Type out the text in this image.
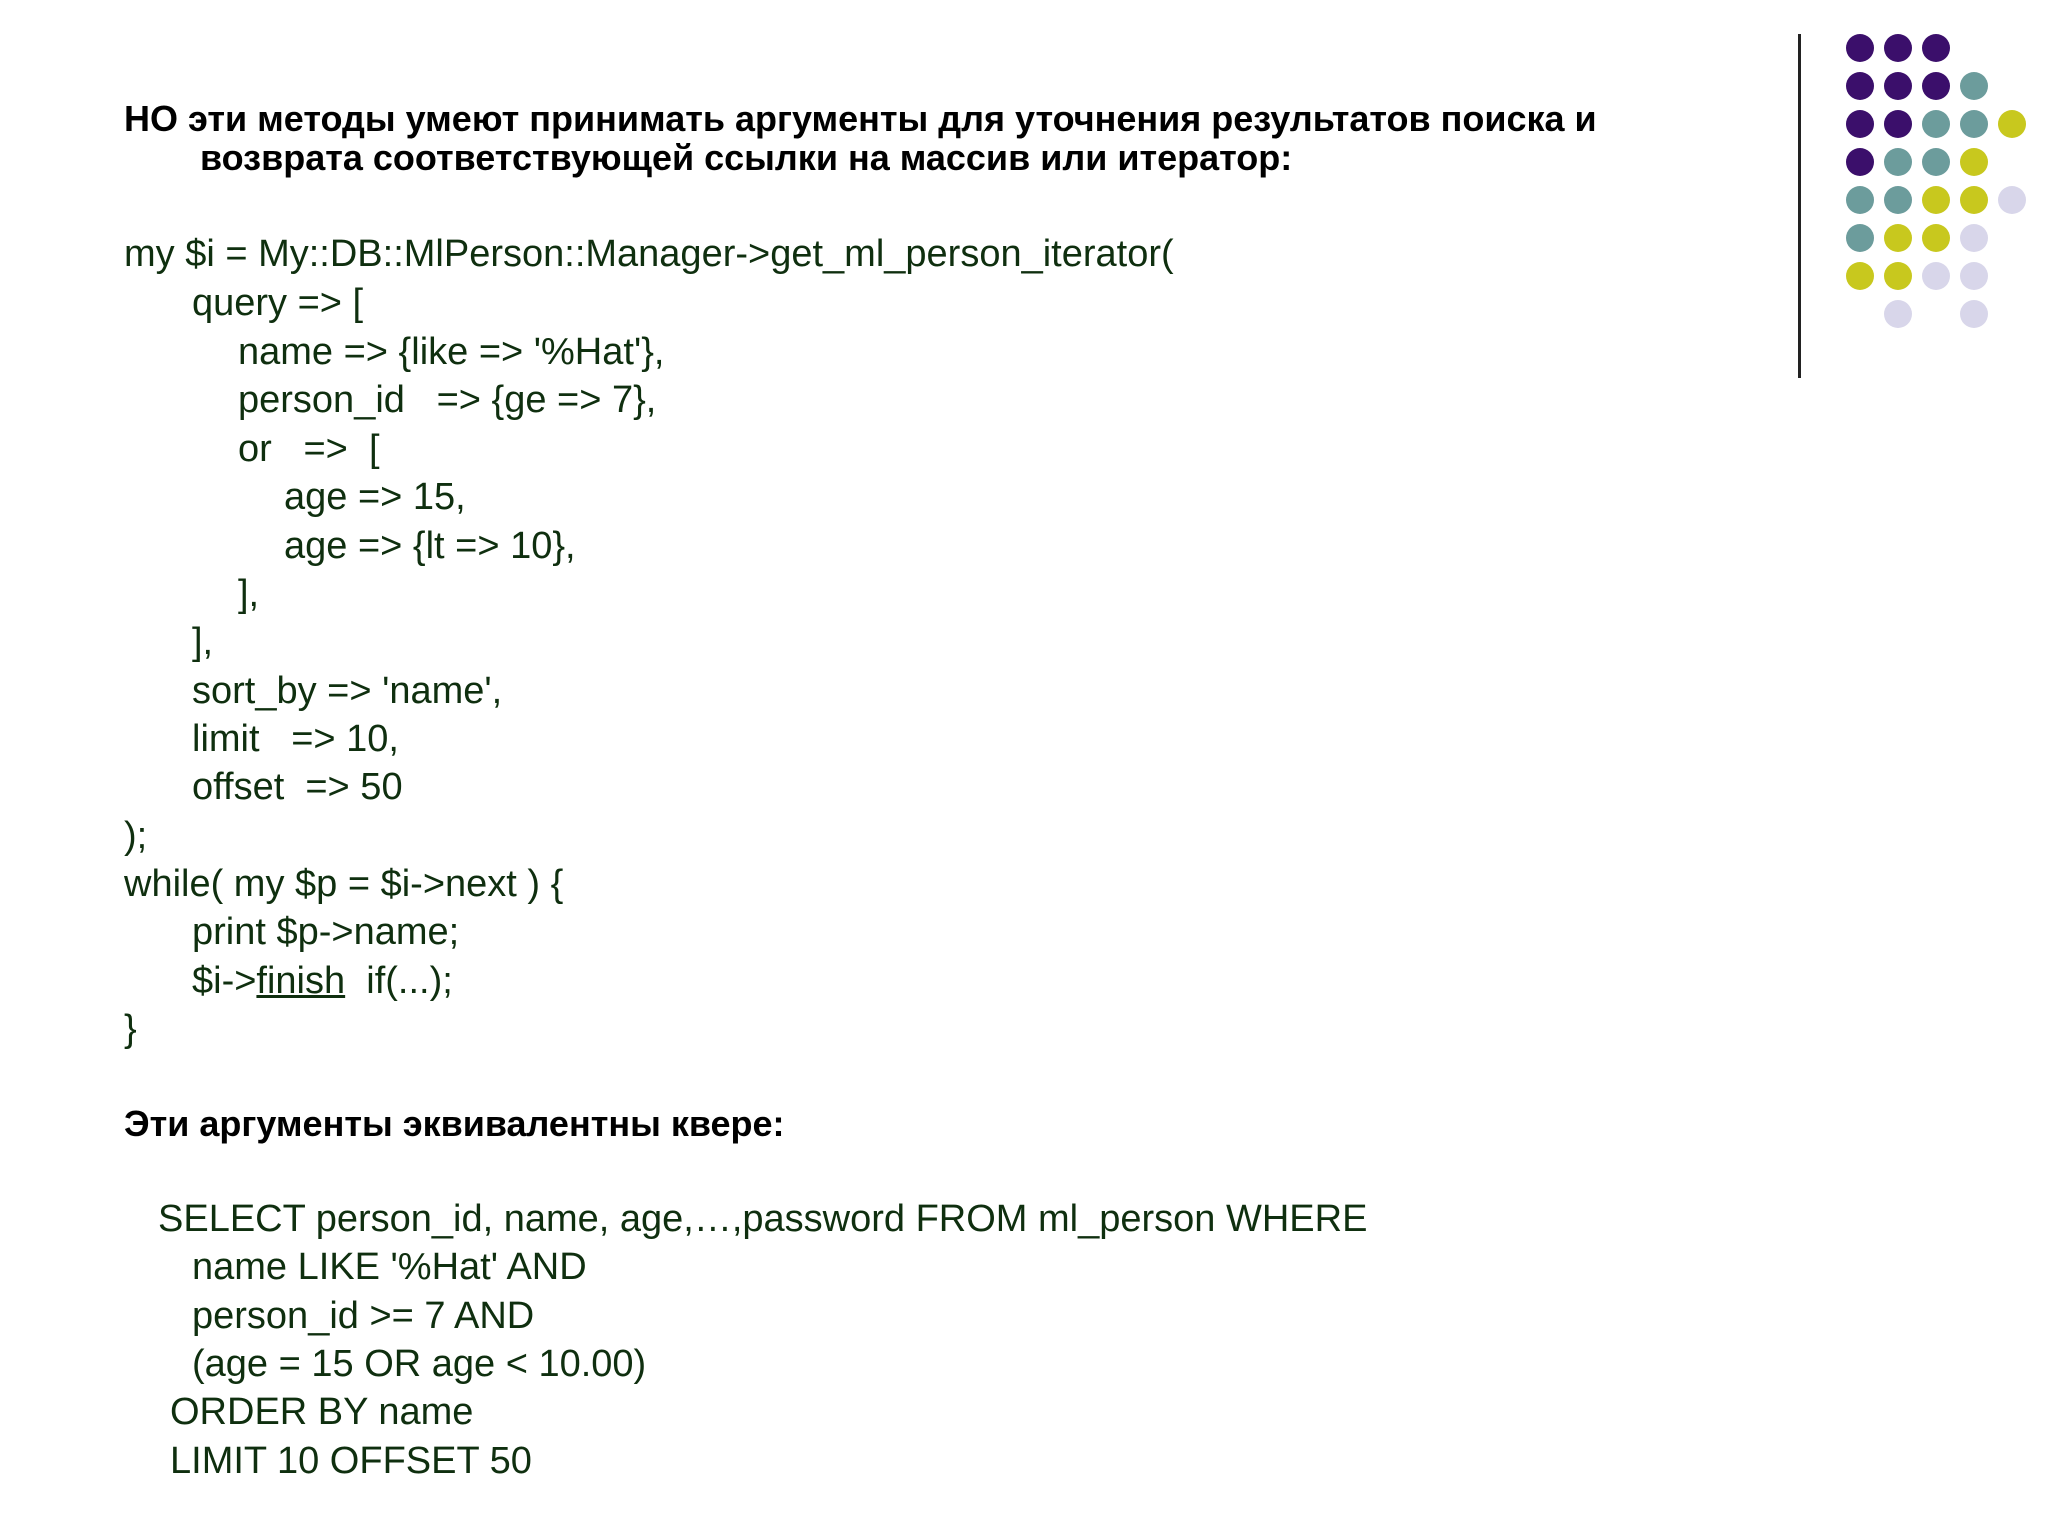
НО эти методы умеют принимать аргументы для уточнения результатов поиска и
возврата соответствующей ссылки на массив или итератор:
my $i = My::DB::MlPerson::Manager->get_ml_person_iterator(
query => [
name => {like => '%Hat'},
person_id   => {ge => 7},
or   =>  [
age => 15,
age => {lt => 10},
],
],
sort_by => 'name',
limit   => 10,
offset  => 50
);
while( my $p = $i->next ) {
print $p->name;
$i->finish  if(...);
}
Эти аргументы эквивалентны квере:
SELECT person_id, name, age,…,password FROM ml_person WHERE
name LIKE '%Hat' AND
person_id >= 7 AND
(age = 15 OR age < 10.00)
ORDER BY name
LIMIT 10 OFFSET 50
